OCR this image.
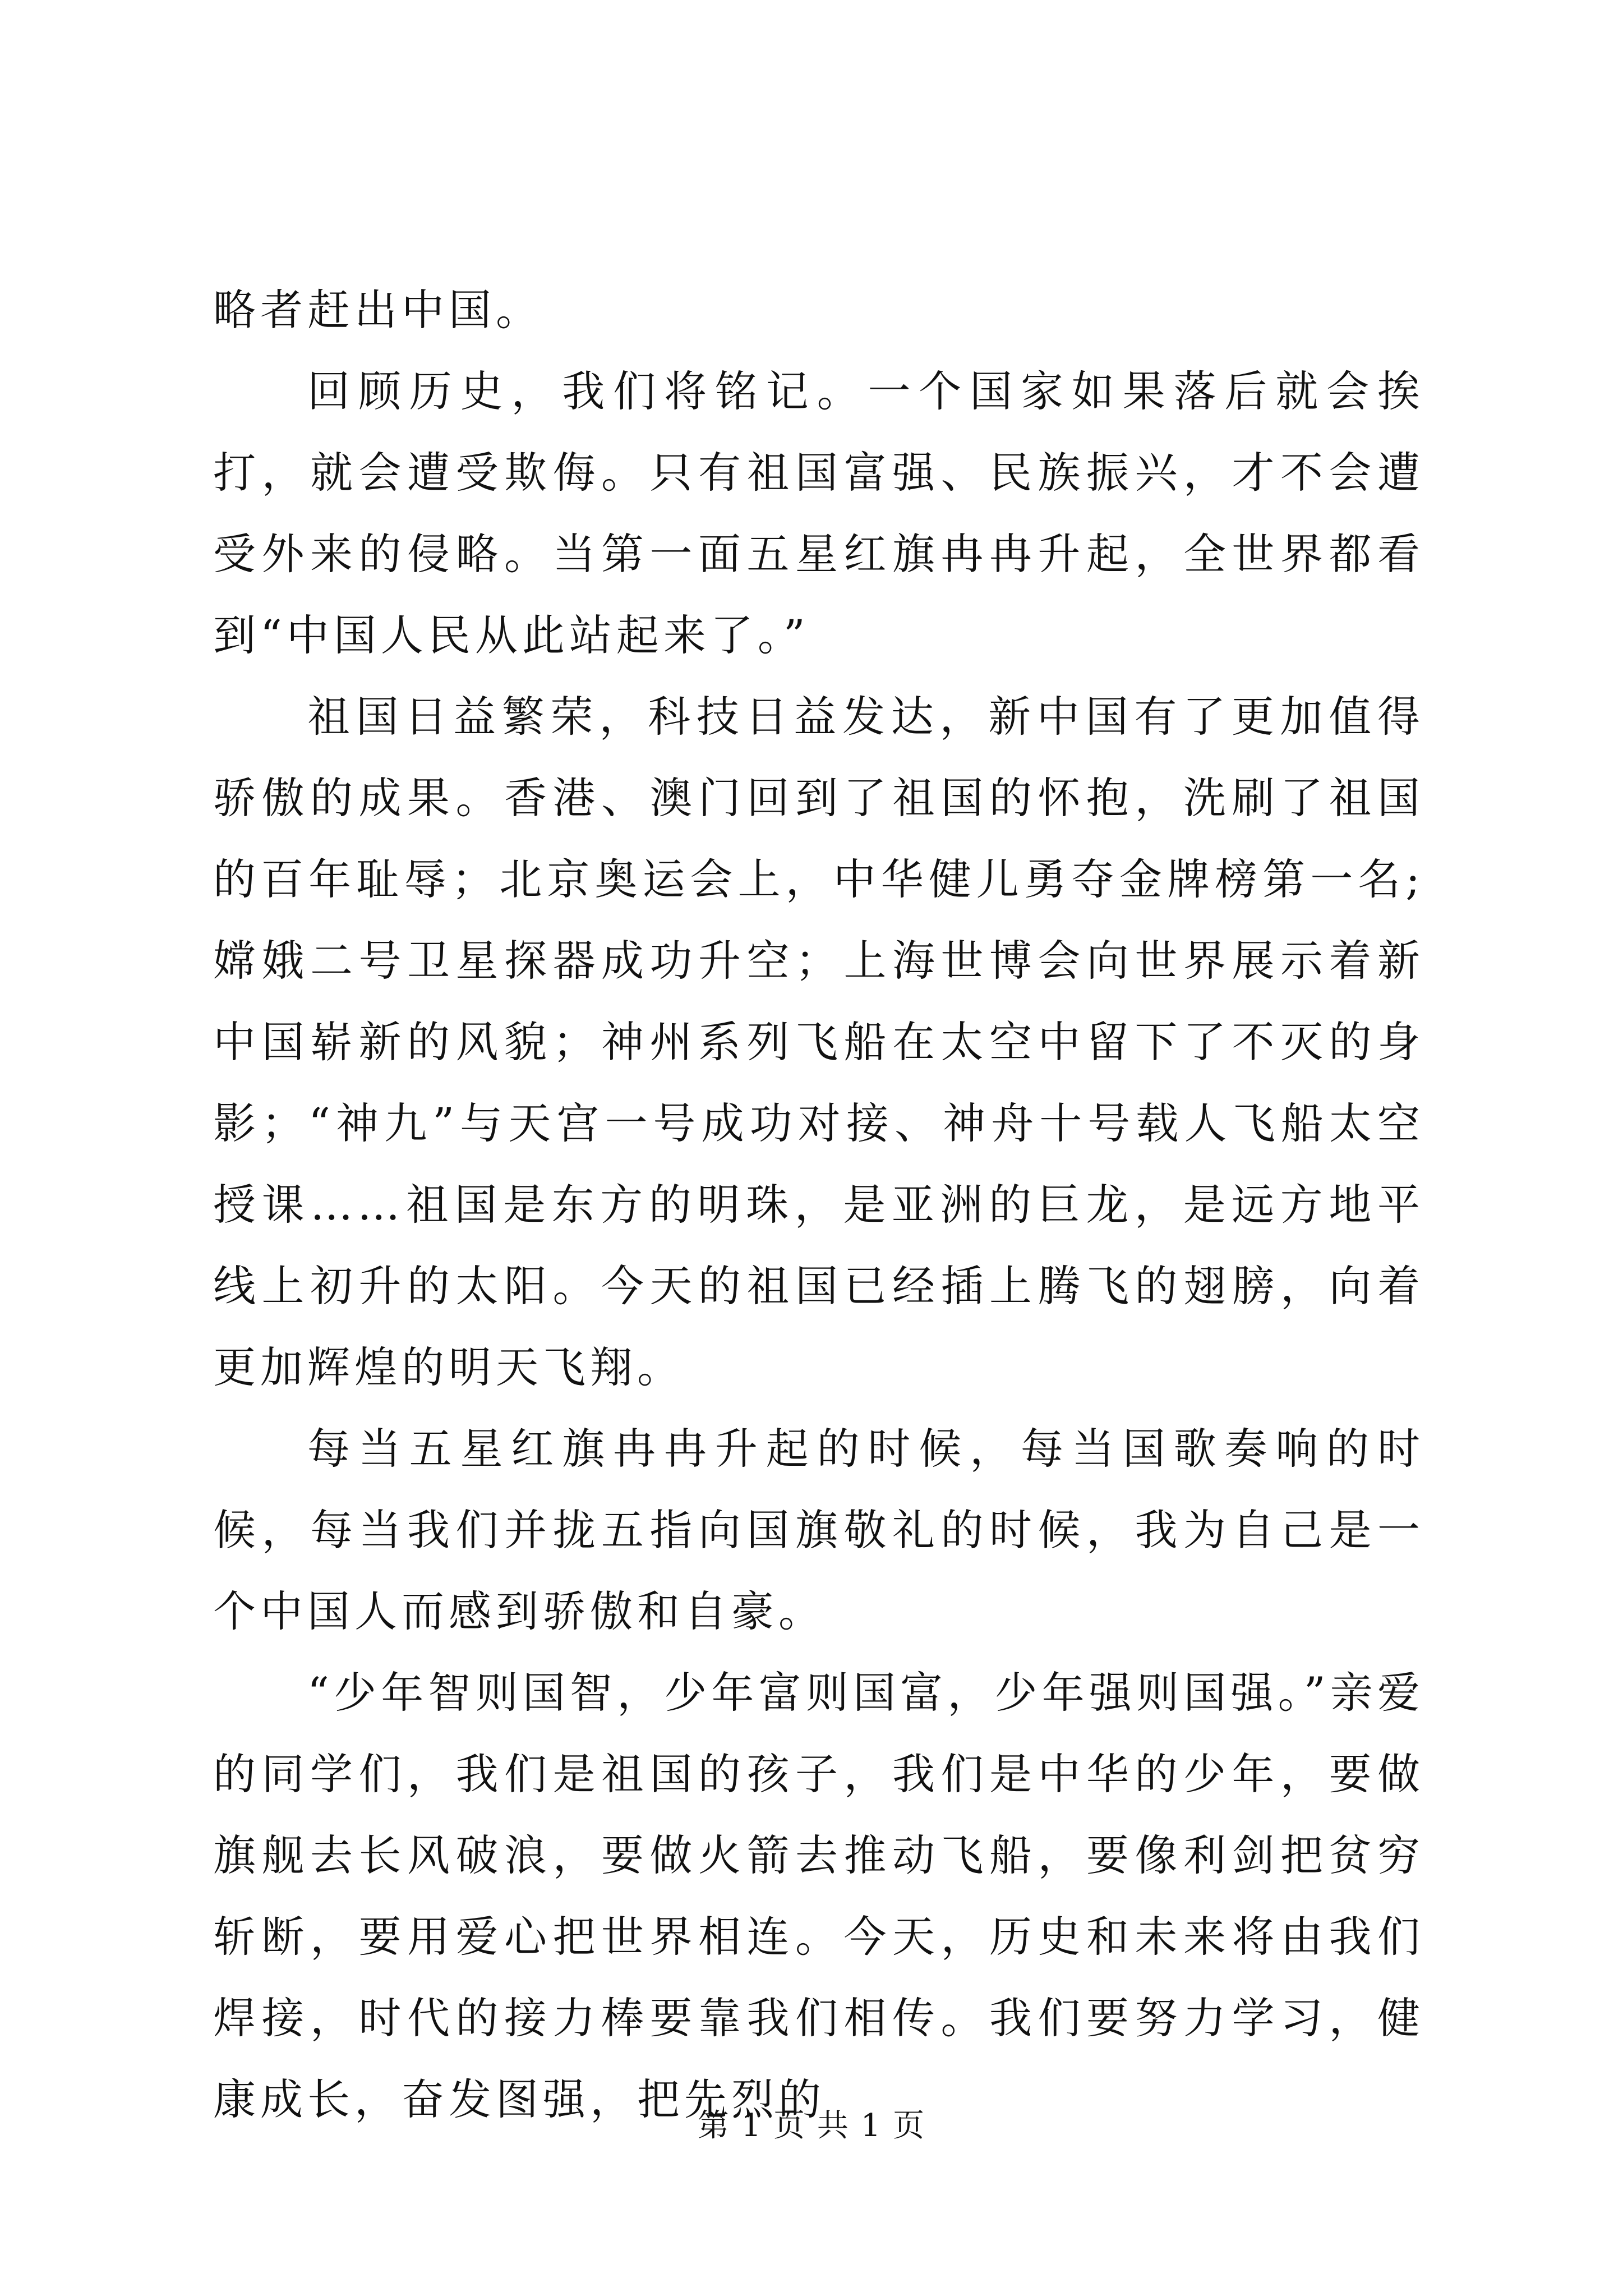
略者赶出中国。

回顾历史，我们将铭记。一个国家如果落后就会挨打，就会遭受欺侮。只有祖国富强、民族振兴，才不会遭受外来的侵略。当第一面五星红旗冉冉升起，全世界都看到“中国人民从此站起来了。”

祖国日益繁荣，科技日益发达，新中国有了更加值得骄傲的成果。香港、澳门回到了祖国的怀抱，洗刷了祖国的百年耻辱；北京奥运会上，中华健儿勇夺金牌榜第一名; 嫦娥二号卫星探器成功升空；上海世博会向世界展示着新中国崭新的风貌；神州系列飞船在太空中留下了不灭的身影；“神九”与天宫一号成功对接、神舟十号载人飞船太空授课……祖国是东方的明珠，是亚洲的巨龙，是远方地平线上初升的太阳。今天的祖国已经插上腾飞的翅膀，向着更加辉煌的明天飞翔。

每当五星红旗冉冉升起的时候，每当国歌奏响的时候，每当我们并拢五指向国旗敬礼的时候，我为自己是一个中国人而感到骄傲和自豪。

“少年智则国智，少年富则国富，少年强则国强。”亲爱的同学们，我们是祖国的孩子，我们是中华的少年，要做旗舰去长风破浪，要做火箭去推动飞船，要像利剑把贫穷斩断，要用爱心把世界相连。今天，历史和未来将由我们焊接，时代的接力棒要靠我们相传。我们要努力学习，健康成长，奋发图强，把先烈的

第 1 页 共 1 页
